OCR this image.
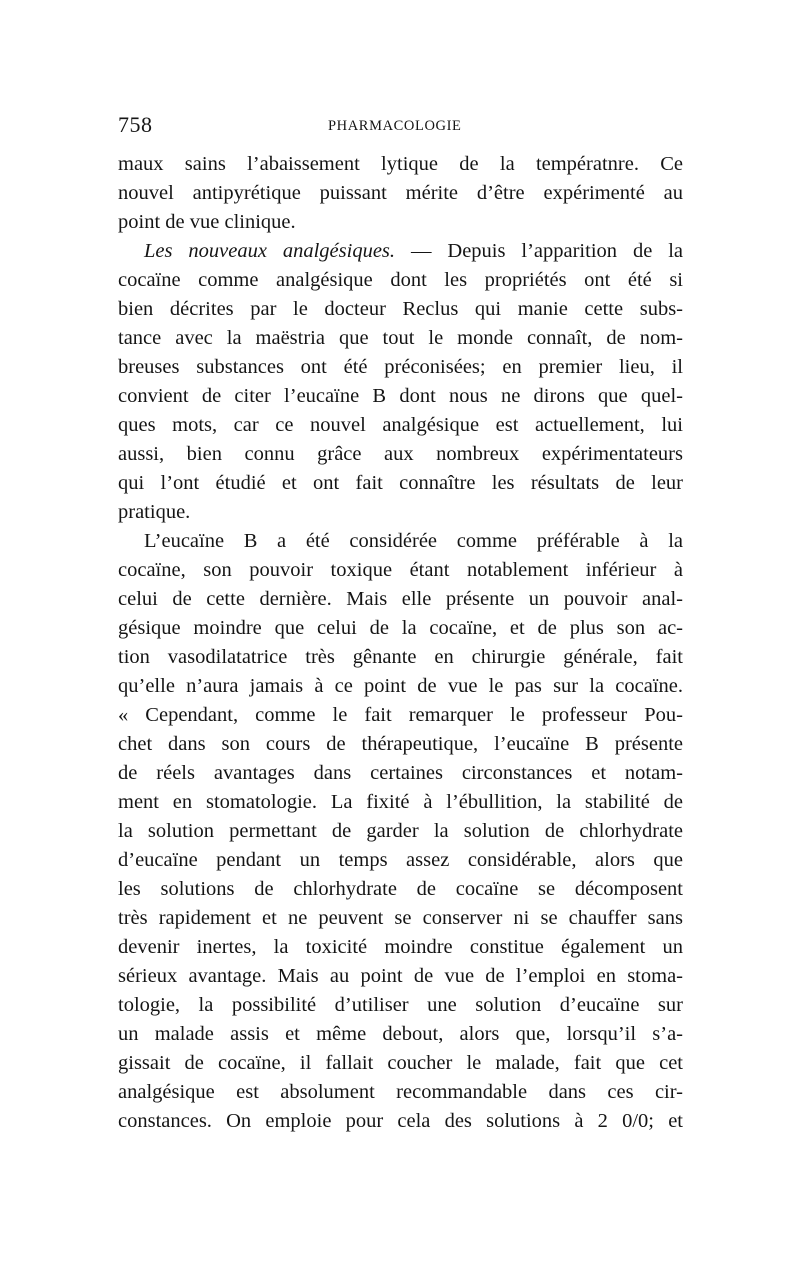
758	PHARMACOLOGIE
maux sains l’abaissement lytique de la températnre. Ce
nouvel antipyrétique puissant mérite d’être expérimenté au
point de vue clinique.
Les nouveaux analgésiques. — Depuis l’apparition de la
cocaïne comme analgésique dont les propriétés ont été si
bien décrites par le docteur Reclus qui manie cette subs-
tance avec la maëstria que tout le monde connaît, de nom-
breuses substances ont été préconisées; en premier lieu, il
convient de citer l’eucaïne B dont nous ne dirons que quel-
ques mots, car ce nouvel analgésique est actuellement, lui
aussi, bien connu grâce aux nombreux expérimentateurs
qui l’ont étudié et ont fait connaître les résultats de leur
pratique.
L’eucaïne B a été considérée comme préférable à la
cocaïne, son pouvoir toxique étant notablement inférieur à
celui de cette dernière. Mais elle présente un pouvoir anal-
gésique moindre que celui de la cocaïne, et de plus son ac-
tion vasodilatatrice très gênante en chirurgie générale, fait
qu’elle n’aura jamais à ce point de vue le pas sur la cocaïne.
« Cependant, comme le fait remarquer le professeur Pou-
chet dans son cours de thérapeutique, l’eucaïne B présente
de réels avantages dans certaines circonstances et notam-
ment en stomatologie. La fixité à l’ébullition, la stabilité de
la solution permettant de garder la solution de chlorhydrate
d’eucaïne pendant un temps assez considérable, alors que
les solutions de chlorhydrate de cocaïne se décomposent
très rapidement et ne peuvent se conserver ni se chauffer sans
devenir inertes, la toxicité moindre constitue également un
sérieux avantage. Mais au point de vue de l’emploi en stoma-
tologie, la possibilité d’utiliser une solution d’eucaïne sur
un malade assis et même debout, alors que, lorsqu’il s’a-
gissait de cocaïne, il fallait coucher le malade, fait que cet
analgésique est absolument recommandable dans ces cir-
constances. On emploie pour cela des solutions à 2 0/0; et
